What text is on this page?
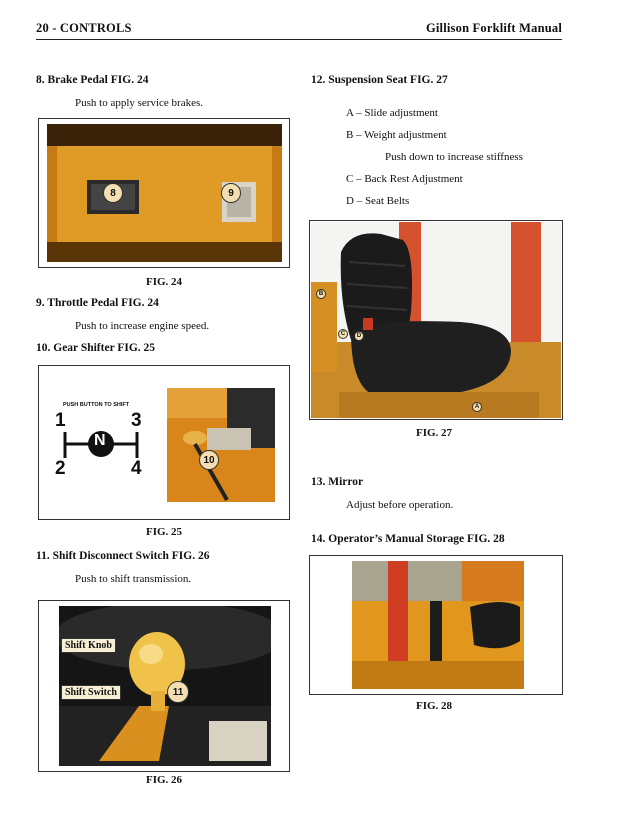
20 - CONTROLS	Gillison Forklift Manual
8. Brake Pedal FIG. 24
Push to apply service brakes.
8	9
FIG. 24
9. Throttle Pedal FIG. 24
Push to increase engine speed.
10. Gear Shifter FIG. 25
PUSH BUTTON TO SHIFT
1	3
N
2	4	10
FIG. 25
11. Shift Disconnect Switch FIG. 26
Push to shift transmission.
Shift Knob
Shift Switch	11
FIG. 26
12. Suspension Seat FIG. 27
A – Slide adjustment
B – Weight adjustment
Push down to increase stiffness
C – Back Rest Adjustment
D – Seat Belts
B
C	D
A
FIG. 27
13. Mirror
Adjust before operation.
14. Operator’s Manual Storage FIG. 28
FIG. 28
